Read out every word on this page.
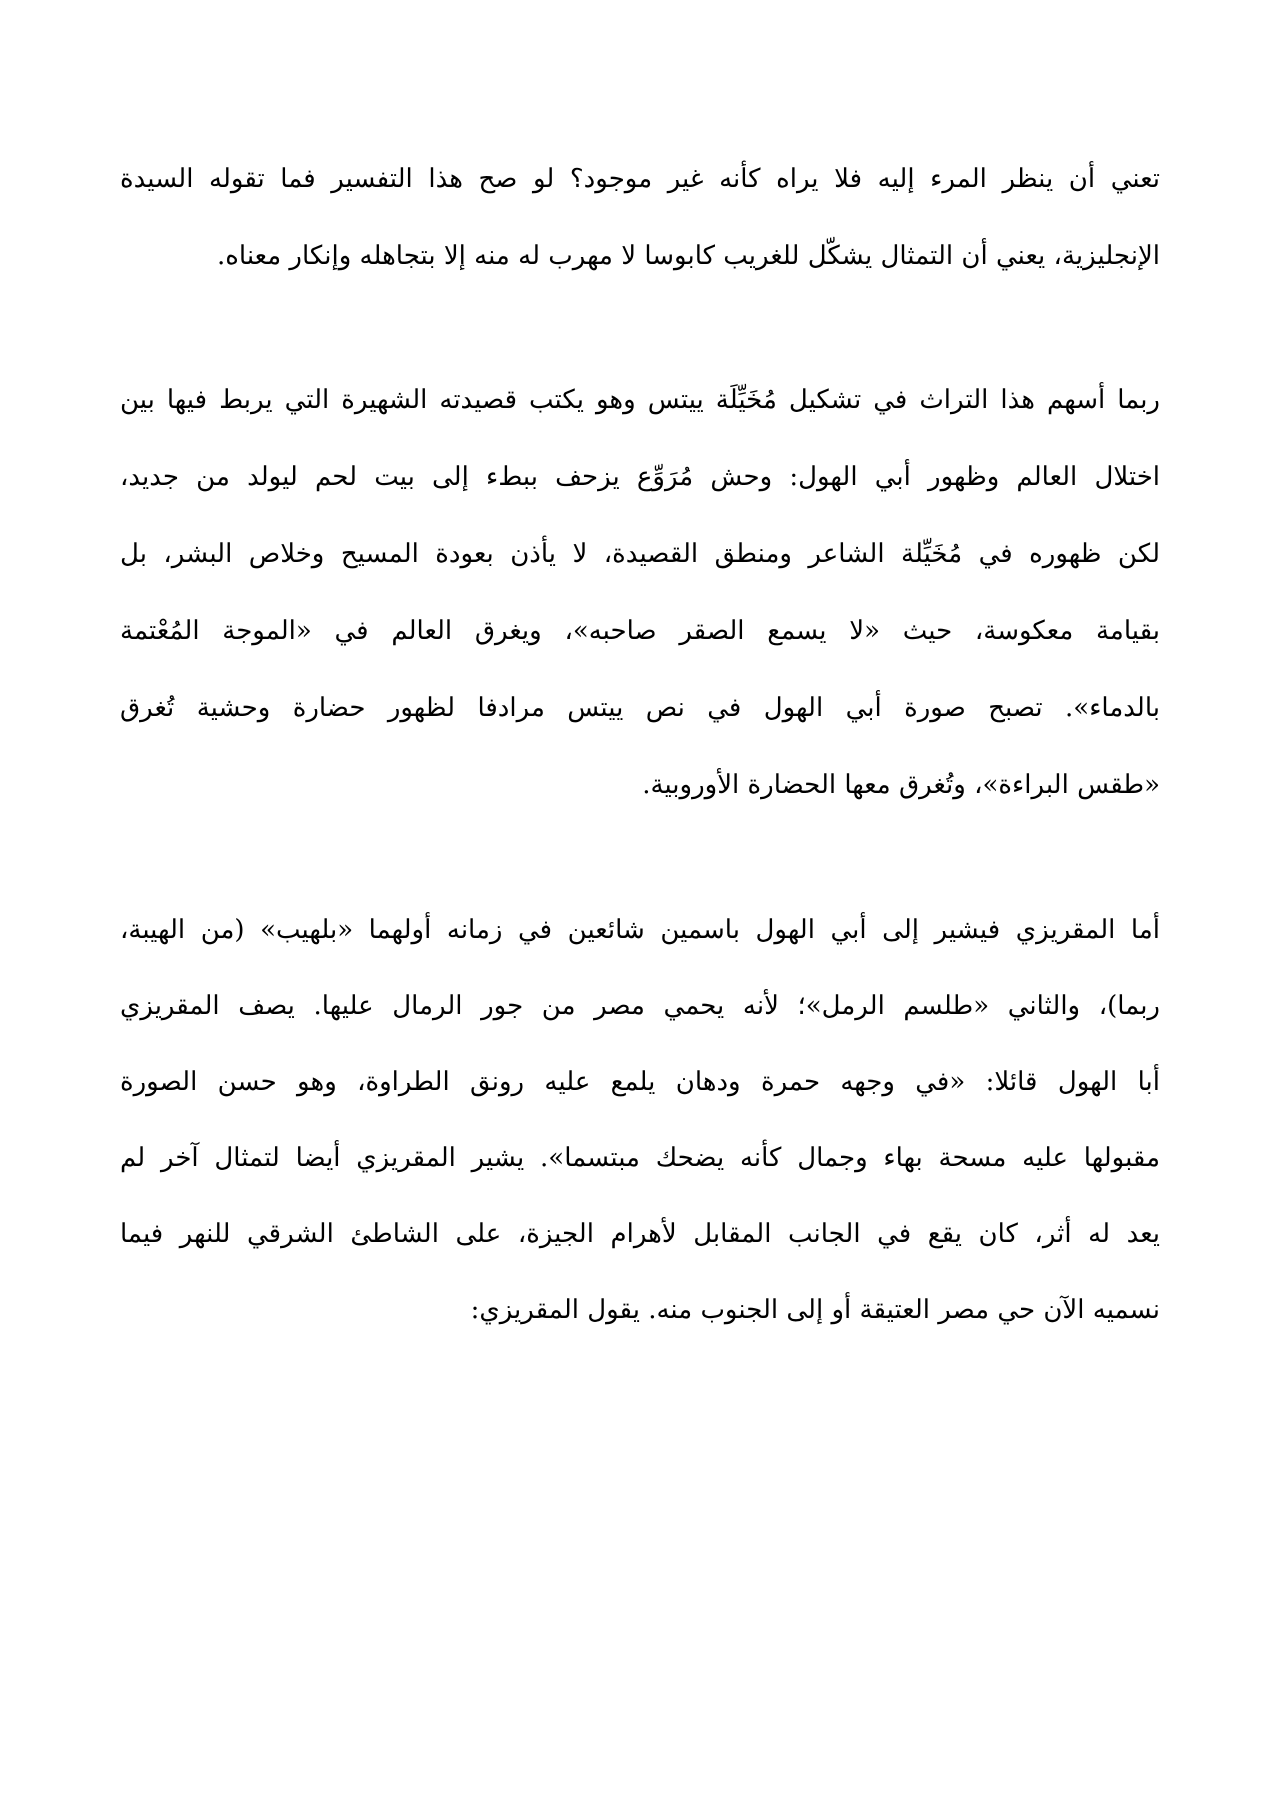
تعني أن ينظر المرء إليه فلا يراه كأنه غير موجود؟ لو صح هذا التفسير فما تقوله السيدة
الإنجليزية، يعني أن التمثال يشكّل للغريب كابوسا لا مهرب له منه إلا بتجاهله وإنكار معناه.
ربما أسهم هذا التراث في تشكيل مُخَيِّلَة ييتس وهو يكتب قصيدته الشهيرة التي يربط فيها بين
اختلال العالم وظهور أبي الهول: وحش مُرَوِّع يزحف ببطء إلى بيت لحم ليولد من جديد،
لكن ظهوره في مُخَيِّلة الشاعر ومنطق القصيدة، لا يأذن بعودة المسيح وخلاص البشر، بل
بقيامة معكوسة، حيث «لا يسمع الصقر صاحبه»، ويغرق العالم في «الموجة المُعْتمة
بالدماء». تصبح صورة أبي الهول في نص ييتس مرادفا لظهور حضارة وحشية تُغرق
«طقس البراءة»، وتُغرق معها الحضارة الأوروبية.
أما المقريزي فيشير إلى أبي الهول باسمين شائعين في زمانه أولهما «بلهيب» (من الهيبة،
ربما)، والثاني «طلسم الرمل»؛ لأنه يحمي مصر من جور الرمال عليها. يصف المقريزي
أبا الهول قائلا: «في وجهه حمرة ودهان يلمع عليه رونق الطراوة، وهو حسن الصورة
مقبولها عليه مسحة بهاء وجمال كأنه يضحك مبتسما». يشير المقريزي أيضا لتمثال آخر لم
يعد له أثر، كان يقع في الجانب المقابل لأهرام الجيزة، على الشاطئ الشرقي للنهر فيما
نسميه الآن حي مصر العتيقة أو إلى الجنوب منه. يقول المقريزي:
